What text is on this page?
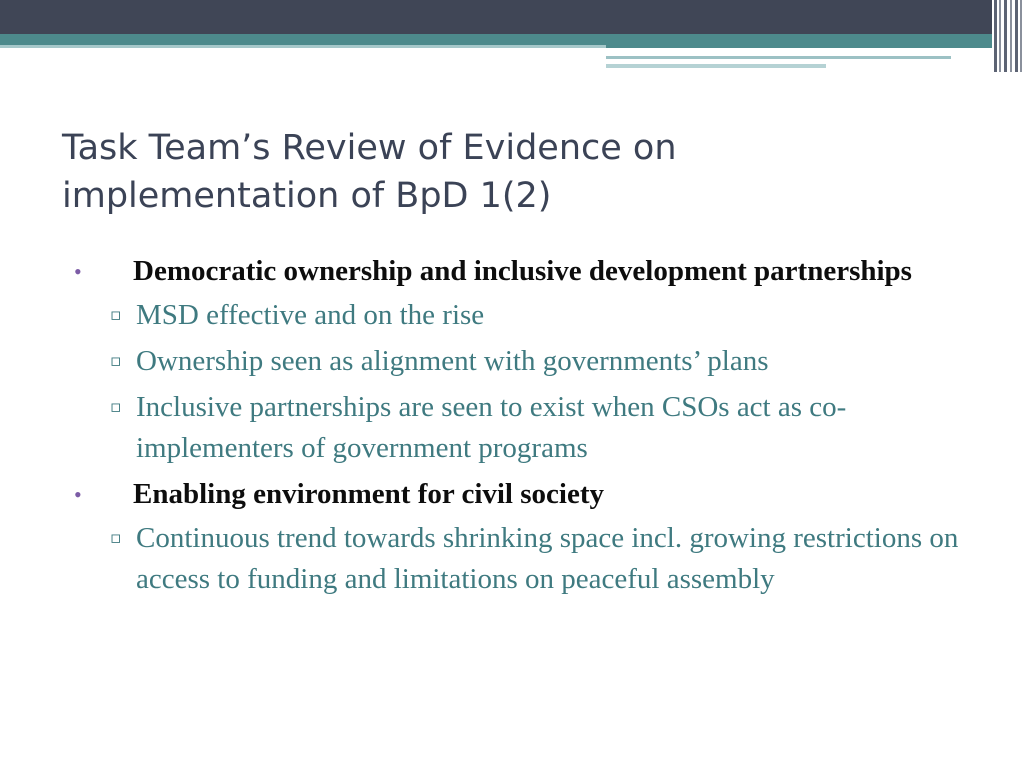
Task Team’s Review of Evidence on
implementation of BpD 1(2)
• Democratic ownership and inclusive development partnerships
▫ MSD effective and on the rise
▫ Ownership seen as alignment with governments’ plans
▫ Inclusive partnerships are seen to exist when CSOs act as co-implementers of government programs
• Enabling environment for civil society
▫ Continuous trend towards shrinking space incl. growing restrictions on access to funding and limitations on peaceful assembly
